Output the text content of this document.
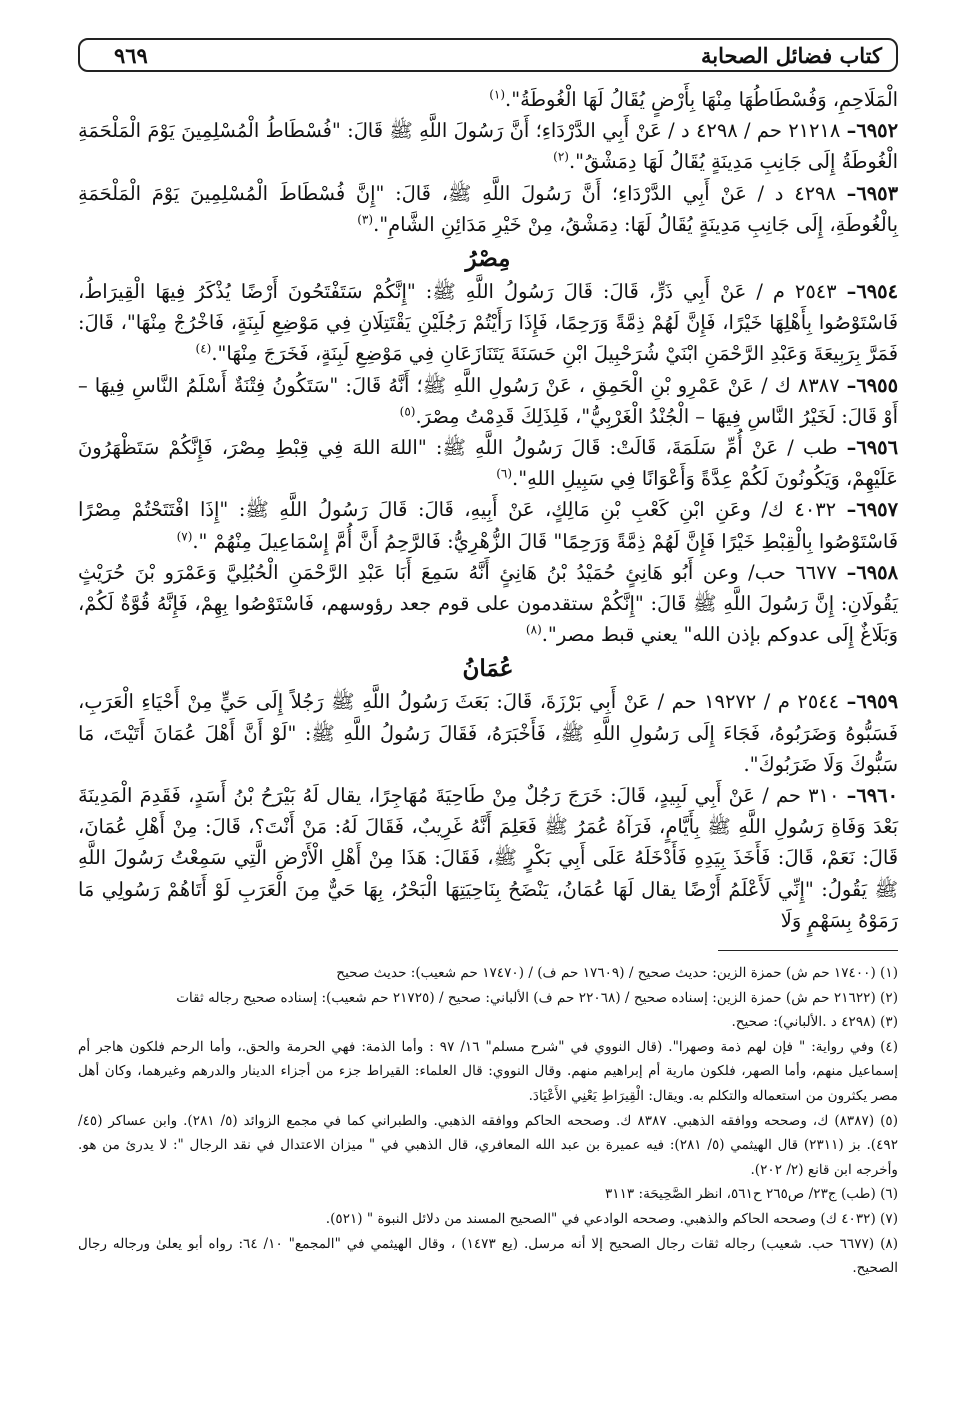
كتاب فضائل الصحابة
٩٦٩

الْمَلَاحِمِ، وَفُسْطَاطُهَا مِنْهَا بِأَرْضٍ يُقَالُ لَهَا الْغُوطَةُ".$^{(١)}$

٦٩٥٢– ٢١٢١٨ حم / ٤٢٩٨ د / عَنْ أَبِي الدَّرْدَاءِ؛ أَنَّ رَسُولَ اللَّهِ ﷺ قَالَ: "فُسْطَاطُ الْمُسْلِمِينَ يَوْمَ الْمَلْحَمَةِ الْغُوطَةُ إِلَى جَانِبِ مَدِينَةٍ يُقَالُ لَهَا دِمَشْقُ".$^{(٢)}$

٦٩٥٣– ٤٢٩٨ د / عَنْ أَبِي الدَّرْدَاءِ؛ أَنَّ رَسُولَ اللَّهِ ﷺ، قَالَ: "إِنَّ فُسْطَاطَ الْمُسْلِمِينَ يَوْمَ الْمَلْحَمَةِ بِالْغُوطَةِ، إِلَى جَانِبِ مَدِينَةٍ يُقَالُ لَهَا: دِمَشْقُ، مِنْ خَيْرِ مَدَائِنِ الشَّامِ".$^{(٣)}$

مِصْرُ

٦٩٥٤– ٢٥٤٣ م / عَنْ أَبِي ذَرٍّ، قَالَ: قَالَ رَسُولُ اللَّهِ ﷺ: "إِنَّكُمْ سَتَفْتَحُونَ أَرْضًا يُذْكَرُ فِيهَا الْقِيرَاطُ، فَاسْتَوْصُوا بِأَهْلِهَا خَيْرًا، فَإِنَّ لَهُمْ ذِمَّةً وَرَحِمًا، فَإِذَا رَأَيْتُمْ رَجُلَيْنِ يَقْتَتِلَانِ فِي مَوْضِعِ لَبِنَةٍ، فَاخْرُجْ مِنْهَا"، قَالَ: فَمَرَّ بِرَبِيعَةَ وَعَبْدِ الرَّحْمَنِ ابْنَيْ شُرَحْبِيلَ ابْنِ حَسَنَةَ يَتَنَازَعَانِ فِي مَوْضِعِ لَبِنَةٍ، فَخَرَجَ مِنْهَا".$^{(٤)}$

٦٩٥٥– ٨٣٨٧ ك / عَنْ عَمْرِو بْنِ الْحَمِقِ ، عَنْ رَسُولِ اللَّهِ ﷺ؛ أَنَّهُ قَالَ: "سَتَكُونُ فِتْنَةٌ أَسْلَمُ النَّاسِ فِيهَا – أَوْ قَالَ: لَخَيْرُ النَّاسِ فِيهَا – الْجُنْدُ الْغَرْبِيُّ"، فَلِذَلِكَ قَدِمْتُ مِصْرَ.$^{(٥)}$

٦٩٥٦– طب / عَنْ أُمِّ سَلَمَةَ، قَالَتْ: قَالَ رَسُولُ اللَّهِ ﷺ: "اللهَ اللهَ فِي قِبْطِ مِصْرَ، فَإِنَّكُمْ سَتَظْهَرُونَ عَلَيْهِمْ، وَيَكُونُونَ لَكُمْ عِدَّةً وَأَعْوَانًا فِي سَبِيلِ اللهِ".$^{(٦)}$

٦٩٥٧– ٤٠٣٢ ك/ وعَنِ ابْنِ كَعْبِ بْنِ مَالِكٍ، عَنْ أَبِيهِ، قَالَ: قَالَ رَسُولُ اللَّهِ ﷺ: "إِذَا افْتَتَحْتُمْ مِصْرًا فَاسْتَوْصُوا بِالْقِبْطِ خَيْرًا فَإِنَّ لَهُمْ ذِمَّةً وَرَحِمًا" قَالَ الزُّهْرِيُّ: فَالرَّحِمُ أَنَّ أُمَّ إِسْمَاعِيلَ مِنْهُمْ ".$^{(٧)}$

٦٩٥٨– ٦٦٧٧ حب/ وعن أَبُو هَانِئٍ حُمَيْدُ بْنُ هَانِئٍ أَنَّهُ سَمِعَ أَبَا عَبْدِ الرَّحْمَنِ الْحُبُلِيَّ وَعَمْرَو بْنَ حُرَيْثٍ يَقُولَانِ: إِنَّ رَسُولَ اللَّهِ ﷺ قَالَ: "إِنَّكُمْ ستقدمون على قوم جعد رؤوسهم، فَاسْتَوْصُوا بِهِمْ، فَإِنَّهُ قُوَّةٌ لَكُمْ، وَبَلَاغٌ إِلَى عدوكم بإذن الله" يعني قبط مصر".$^{(٨)}$

عُمَانُ

٦٩٥٩– ٢٥٤٤ م / ١٩٢٧٢ حم / عَنْ أَبِي بَرْزَةَ، قَالَ: بَعَثَ رَسُولُ اللَّهِ ﷺ رَجُلاً إِلَى حَيٍّ مِنْ أَحْيَاءِ الْعَرَبِ، فَسَبُّوهُ وَضَرَبُوهُ، فَجَاءَ إِلَى رَسُولِ اللَّهِ ﷺ، فَأَخْبَرَهُ، فَقَالَ رَسُولُ اللَّهِ ﷺ: "لَوْ أَنَّ أَهْلَ عُمَانَ أَتَيْتَ، مَا سَبُّوكَ وَلَا ضَرَبُوكَ".

٦٩٦٠– ٣١٠ حم / عَنْ أَبِي لَبِيدٍ، قَالَ: خَرَجَ رَجُلٌ مِنْ طَاحِيَةَ مُهَاجِرًا، يقال لَهُ بَيْرَحُ بْنُ أَسَدٍ، فَقَدِمَ الْمَدِينَةَ بَعْدَ وَفَاةِ رَسُولِ اللَّهِ ﷺ بِأَيَّامٍ، فَرَآهُ عُمَرُ ﷺ فَعَلِمَ أَنَّهُ غَرِيبٌ، فَقَالَ لَهُ: مَنْ أَنْتَ؟، قَالَ: مِنْ أَهْلِ عُمَانَ، قَالَ: نَعَمْ، قَالَ: فَأَخَذَ بِيَدِهِ فَأَدْخَلَهُ عَلَى أَبِي بَكْرٍ ﷺ، فَقَالَ: هَذَا مِنْ أَهْلِ الْأَرْضِ الَّتِي سَمِعْتُ رَسُولَ اللَّهِ ﷺ يَقُولُ: "إِنِّي لَأَعْلَمُ أَرْضًا يقال لَهَا عُمَانُ، يَنْضَحُ بِنَاحِيَتِهَا الْبَحْرُ، بِهَا حَيٌّ مِنَ الْعَرَبِ لَوْ أَتَاهُمْ رَسُولِي مَا رَمَوْهُ بِسَهْمٍ وَلَا

(١) (١٧٤٠٠ حم ش) حمزة الزين: حديث صحيح / (١٧٦٠٩ حم ف) / (١٧٤٧٠ حم شعيب): حديث صحيح

(٢) (٢١٦٢٢ حم ش) حمزة الزين: إسناده صحيح / (٢٢٠٦٨ حم ف) الألباني: صحيح / (٢١٧٢٥ حم شعيب): إسناده صحيح رجاله ثقات

(٣) (٤٢٩٨ د .الألباني): صحيح.

(٤) وفي رواية: " فإن لهم ذمة وصهرا". (قال النووي في "شرح مسلم" ١٦/ ٩٧ : وأما الذمة: فهي الحرمة والحق.، وأما الرحم فلكون هاجر أم إسماعيل منهم، وأما الصهر، فلكون مارية أم إبراهيم منهم. وقال النووي: قال العلماء: القيراط جزء من أجزاء الدينار والدرهم وغيرهما، وكان أهل مصر يكثرون من استعماله والتكلم به. ويقال: الْقِيرَاطِ يَعْنِي الأَعْيَادَ.

(٥) (٨٣٨٧) ك، وصححه ووافقه الذهبي. ٨٣٨٧ ك. وصححه الحاكم ووافقه الذهبي. والطبراني كما في مجمع الزوائد (٥/ ٢٨١). وابن عساكر (٤٥/ ٤٩٢). بز (٢٣١١) قال الهيثمي (٥/ ٢٨١): فيه عميرة بن عبد الله المعافري، قال الذهبي في " ميزان الاعتدال في نقد الرجال ": لا يدرئ من هو. وأخرجه ابن قانع (٢/ ٢٠٢).

(٦) (طب) ج٢٣/ ص٢٦٥ ح٥٦١، انظر الصَّحِيحَة: ٣١١٣

(٧) (٤٠٣٢ ك) وصححه الحاكم والذهبي. وصححه الوادعي في "الصحيح المسند من دلائل النبوة " (٥٢١).

(٨) (٦٦٧٧ حب. شعيب) رجاله ثقات رجال الصحيح إلا أنه مرسل. (يع ١٤٧٣) ، وقال الهيثمي في "المجمع" ١٠/ ٦٤: رواه أبو يعلىٰ ورجاله رجال الصحيح.
